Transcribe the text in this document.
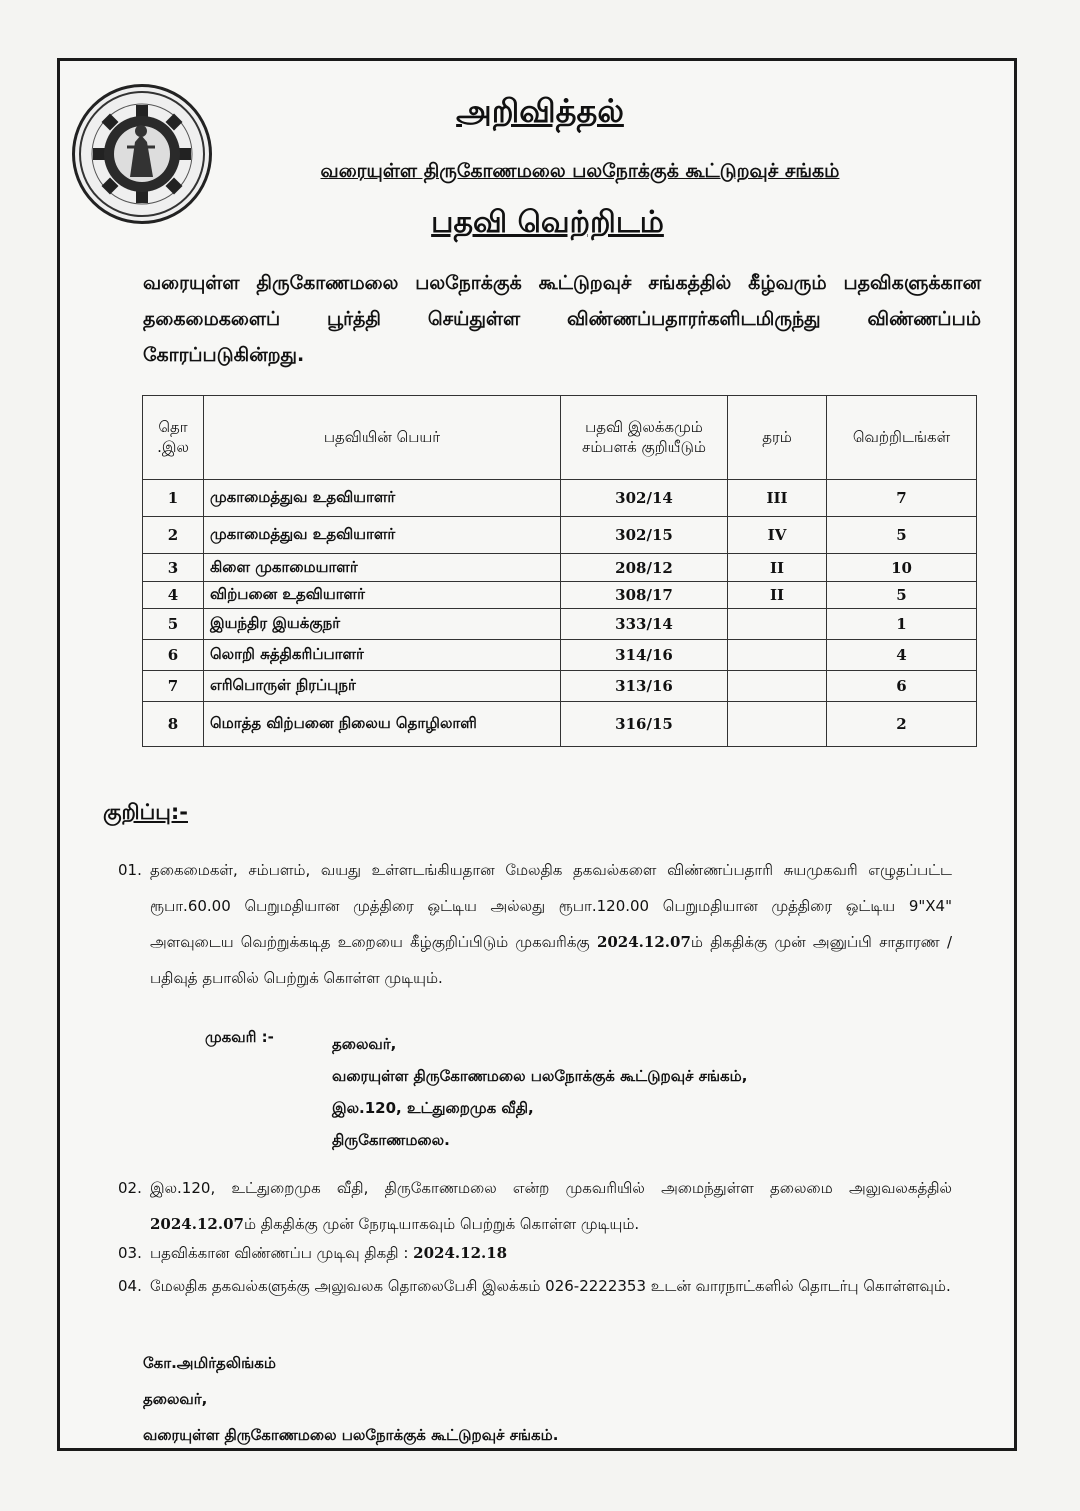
அறிவித்தல்
வரையுள்ள திருகோணமலை பலநோக்குக் கூட்டுறவுச் சங்கம்
பதவி வெற்றிடம்
வரையுள்ள திருகோணமலை பலநோக்குக் கூட்டுறவுச் சங்கத்தில் கீழ்வரும் பதவிகளுக்கான தகைமைகளைப் பூர்த்தி செய்துள்ள விண்ணப்பதாரர்களிடமிருந்து விண்ணப்பம் கோரப்படுகின்றது.
தொ .இல	பதவியின் பெயர்	பதவி இலக்கமும் சம்பளக் குறியீடும்	தரம்	வெற்றிடங்கள்
1	முகாமைத்துவ உதவியாளர்	302/14	III	7
2	முகாமைத்துவ உதவியாளர்	302/15	IV	5
3	கிளை முகாமையாளர்	208/12	II	10
4	விற்பனை உதவியாளர்	308/17	II	5
5	இயந்திர இயக்குநர்	333/14		1
6	லொறி சுத்திகரிப்பாளர்	314/16		4
7	எரிபொருள் நிரப்புநர்	313/16		6
8	மொத்த விற்பனை நிலைய தொழிலாளி	316/15		2
குறிப்பு:-
01. தகைமைகள், சம்பளம், வயது உள்ளடங்கியதான மேலதிக தகவல்களை விண்ணப்பதாரி சுயமுகவரி எழுதப்பட்ட ரூபா.60.00 பெறுமதியான முத்திரை ஒட்டிய அல்லது ரூபா.120.00 பெறுமதியான முத்திரை ஒட்டிய 9"X4" அளவுடைய வெற்றுக்கடித உறையை கீழ்குறிப்பிடும் முகவரிக்கு 2024.12.07ம் திகதிக்கு முன் அனுப்பி சாதாரண / பதிவுத் தபாலில் பெற்றுக் கொள்ள முடியும்.
முகவரி :-	தலைவர்,
வரையுள்ள திருகோணமலை பலநோக்குக் கூட்டுறவுச் சங்கம்,
இல.120, உட்துறைமுக வீதி,
திருகோணமலை.
02. இல.120, உட்துறைமுக வீதி, திருகோணமலை என்ற முகவரியில் அமைந்துள்ள தலைமை அலுவலகத்தில் 2024.12.07ம் திகதிக்கு முன் நேரடியாகவும் பெற்றுக் கொள்ள முடியும்.
03. பதவிக்கான விண்ணப்ப முடிவு திகதி : 2024.12.18
04. மேலதிக தகவல்களுக்கு அலுவலக தொலைபேசி இலக்கம் 026-2222353 உடன் வாரநாட்களில் தொடர்பு கொள்ளவும்.
கோ.அமிர்தலிங்கம்
தலைவர்,
வரையுள்ள திருகோணமலை பலநோக்குக் கூட்டுறவுச் சங்கம்.
